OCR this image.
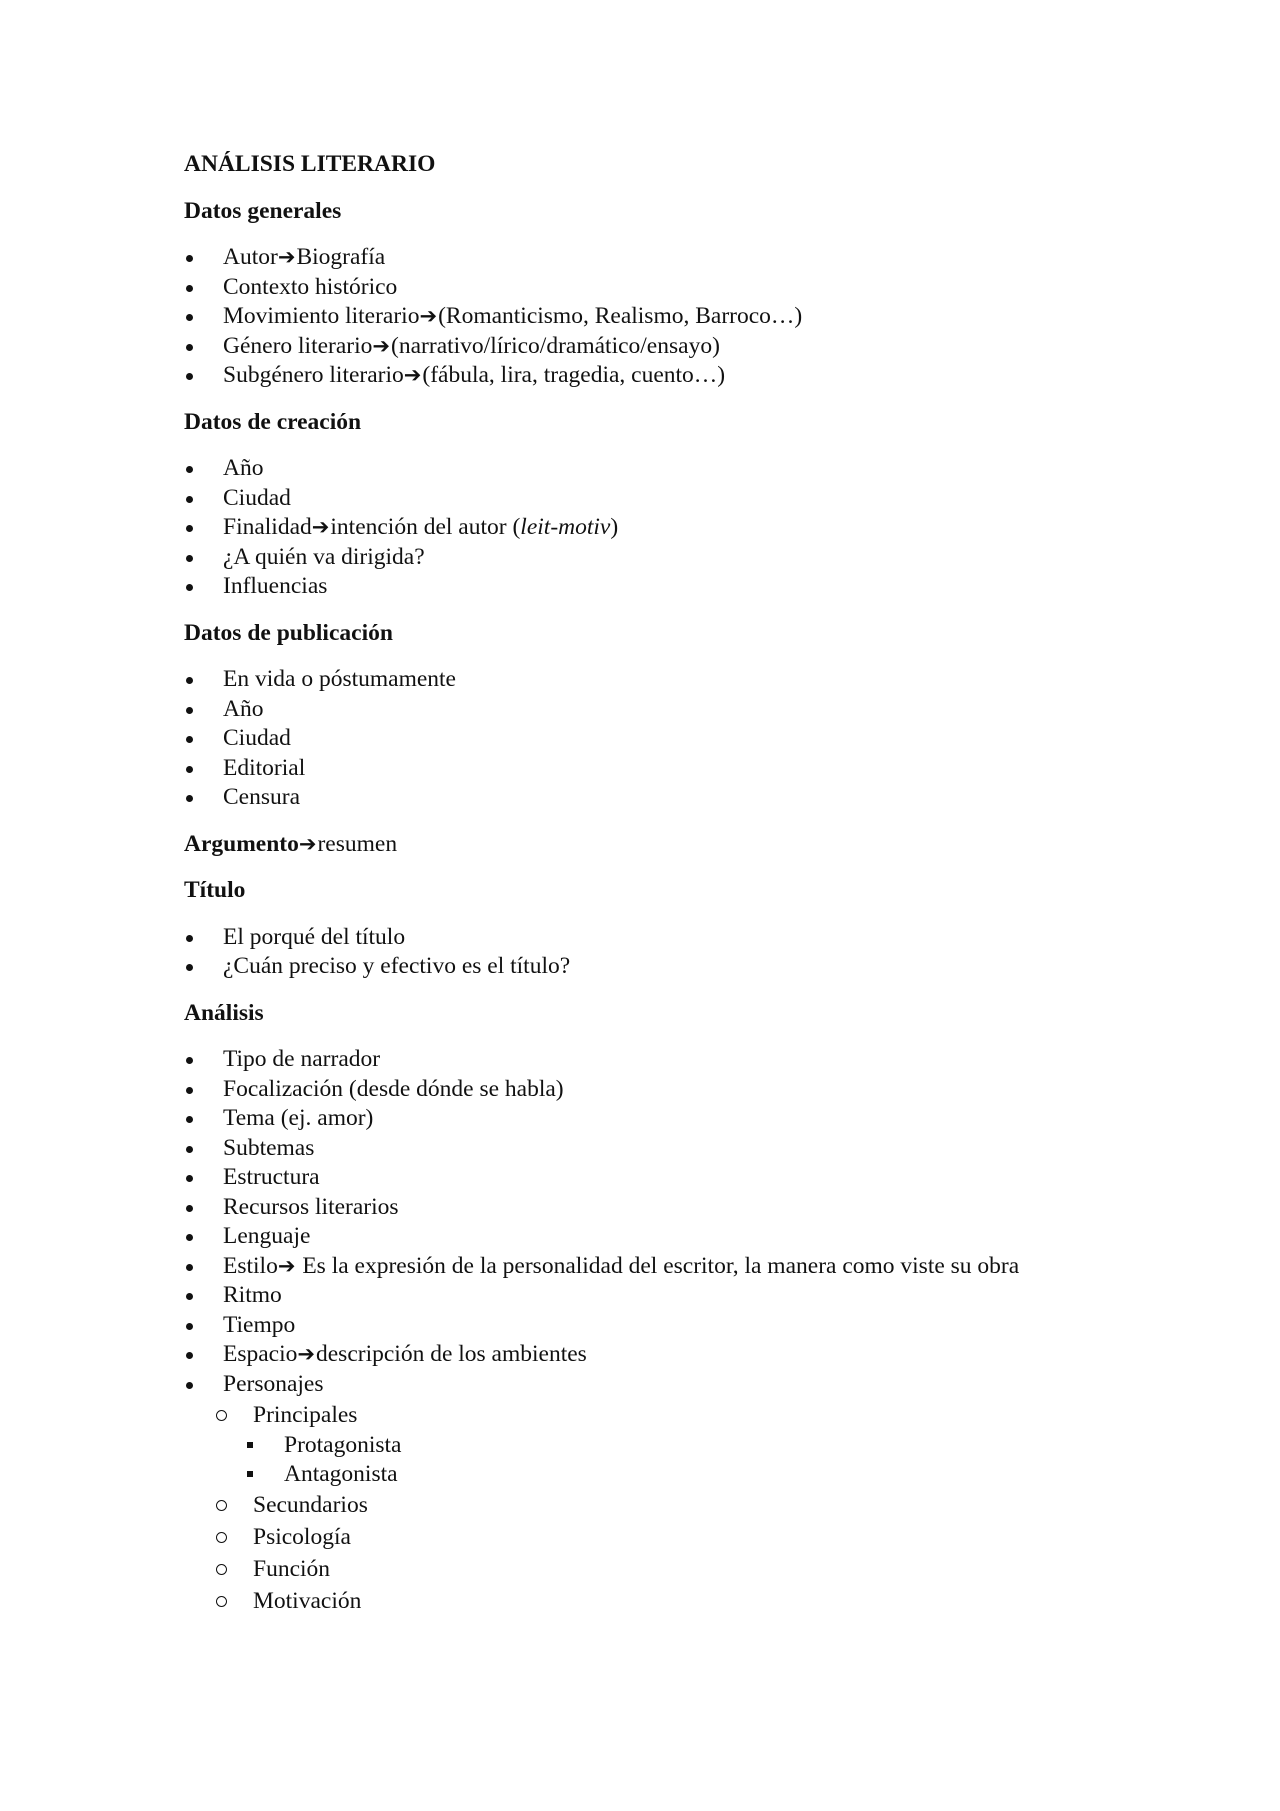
ANÁLISIS LITERARIO
Datos generales
Autor➔Biografía
Contexto histórico
Movimiento literario➔(Romanticismo, Realismo, Barroco…)
Género literario➔(narrativo/lírico/dramático/ensayo)
Subgénero literario➔(fábula, lira, tragedia, cuento…)
Datos de creación
Año
Ciudad
Finalidad➔intención del autor (leit-motiv)
¿A quién va dirigida?
Influencias
Datos de publicación
En vida o póstumamente
Año
Ciudad
Editorial
Censura
Argumento➔resumen
Título
El porqué del título
¿Cuán preciso y efectivo es el título?
Análisis
Tipo de narrador
Focalización (desde dónde se habla)
Tema (ej. amor)
Subtemas
Estructura
Recursos literarios
Lenguaje
Estilo➔ Es la expresión de la personalidad del escritor, la manera como viste su obra
Ritmo
Tiempo
Espacio➔descripción de los ambientes
Personajes
Principales
Protagonista
Antagonista
Secundarios
Psicología
Función
Motivación
